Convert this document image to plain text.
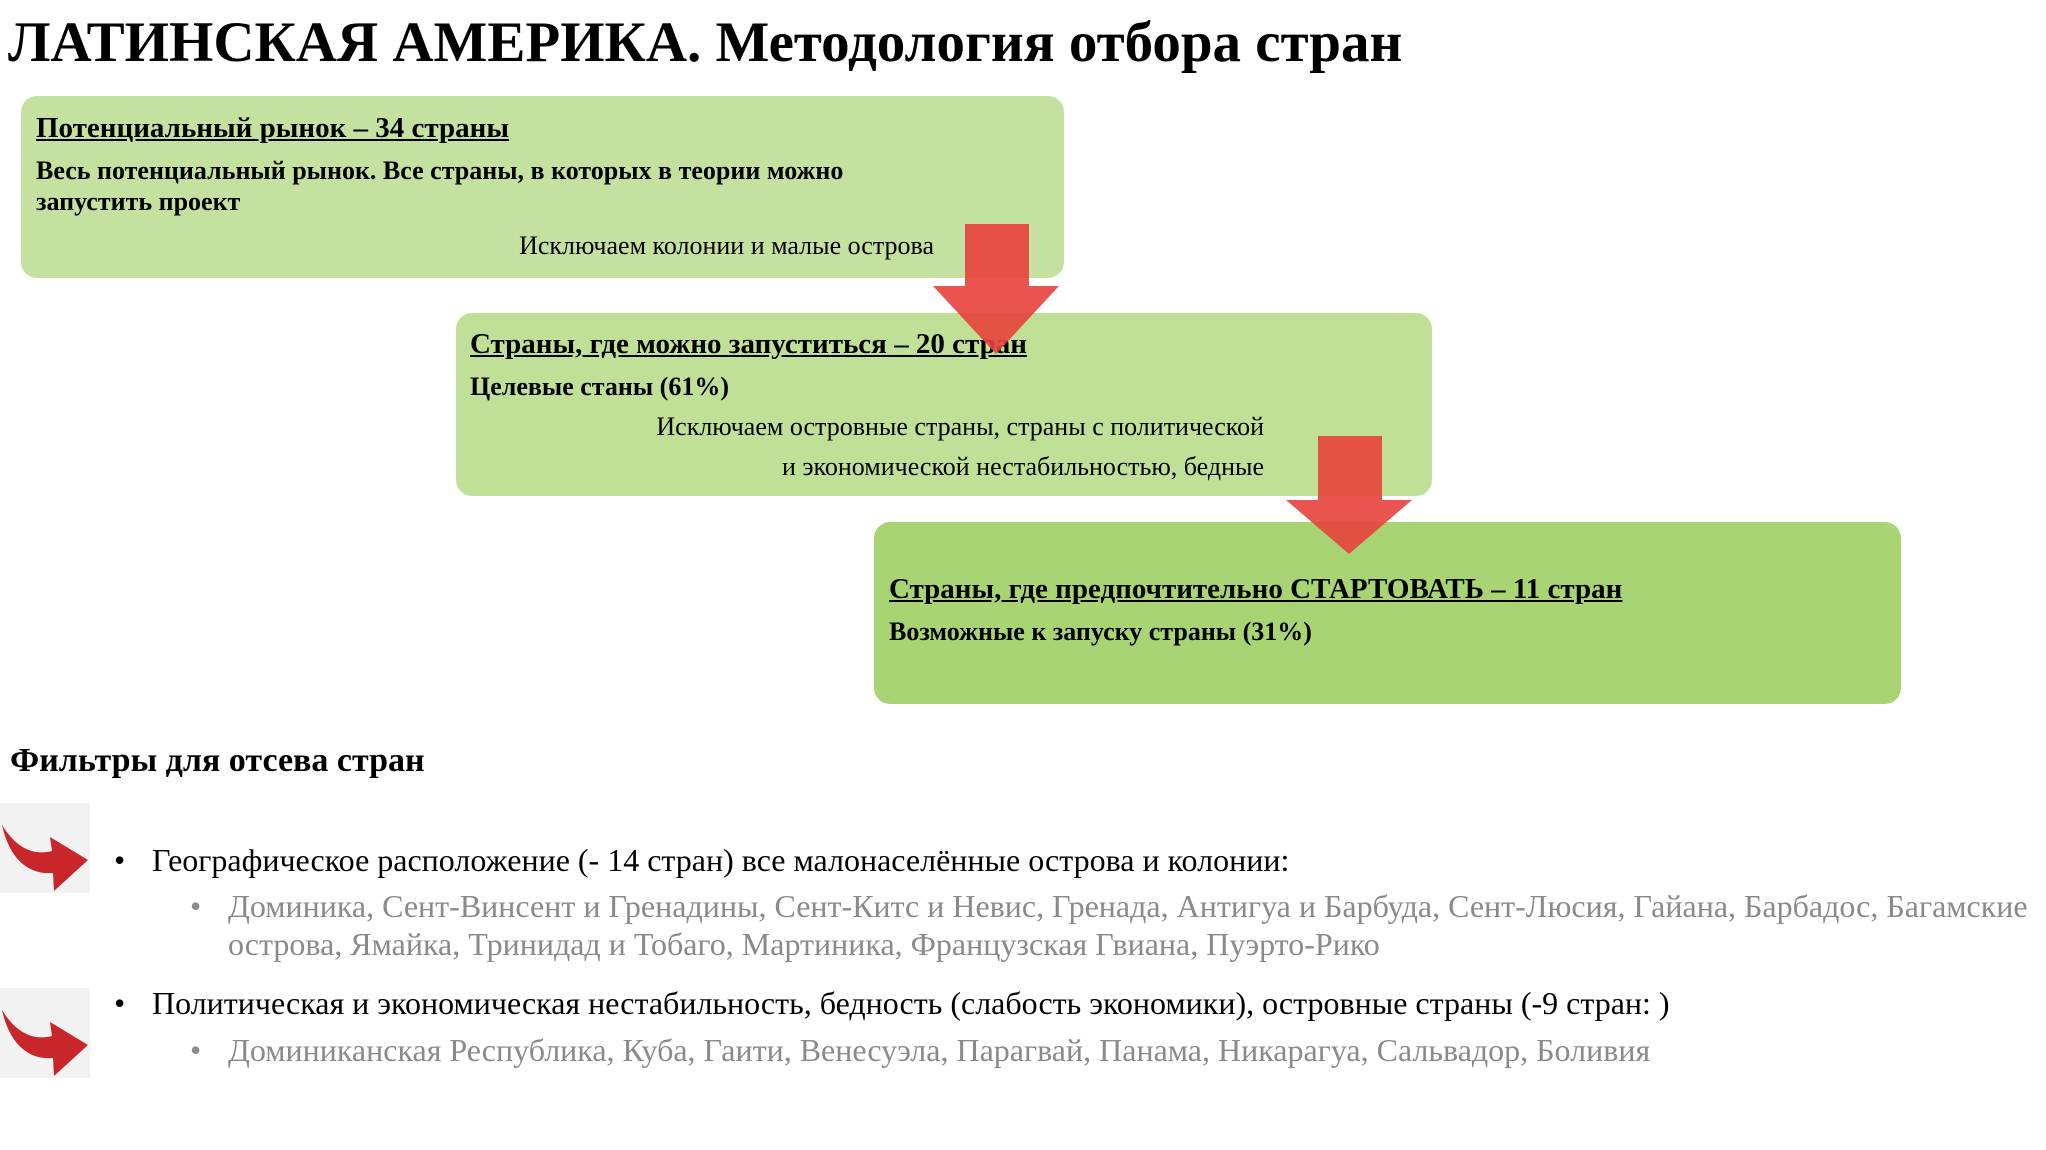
ЛАТИНСКАЯ АМЕРИКА. Методология отбора стран

Потенциальный рынок – 34 страны

Весь потенциальный рынок. Все страны, в которых в теории можно запустить проект

Исключаем колонии и малые острова

Страны, где можно запуститься – 20 стран

Целевые станы (61%)

Исключаем островные страны, страны с политической

и экономической нестабильностью, бедные

Страны, где предпочтительно СТАРТОВАТЬ – 11 стран

Возможные к запуску страны (31%)

Фильтры для отсева стран
• Географическое расположение (- 14 стран) все малонаселённые острова и колонии:
• Доминика, Сент-Винсент и Гренадины, Сент-Китс и Невис, Гренада, Антигуа и Барбуда, Сент-Люсия, Гайана, Барбадос, Багамские острова, Ямайка, Тринидад и Тобаго, Мартиника, Французская Гвиана, Пуэрто-Рико
• Политическая и экономическая нестабильность, бедность (слабость экономики), островные страны (-9 стран: )
• Доминиканская Республика, Куба, Гаити, Венесуэла, Парагвай, Панама, Никарагуа, Сальвадор, Боливия
